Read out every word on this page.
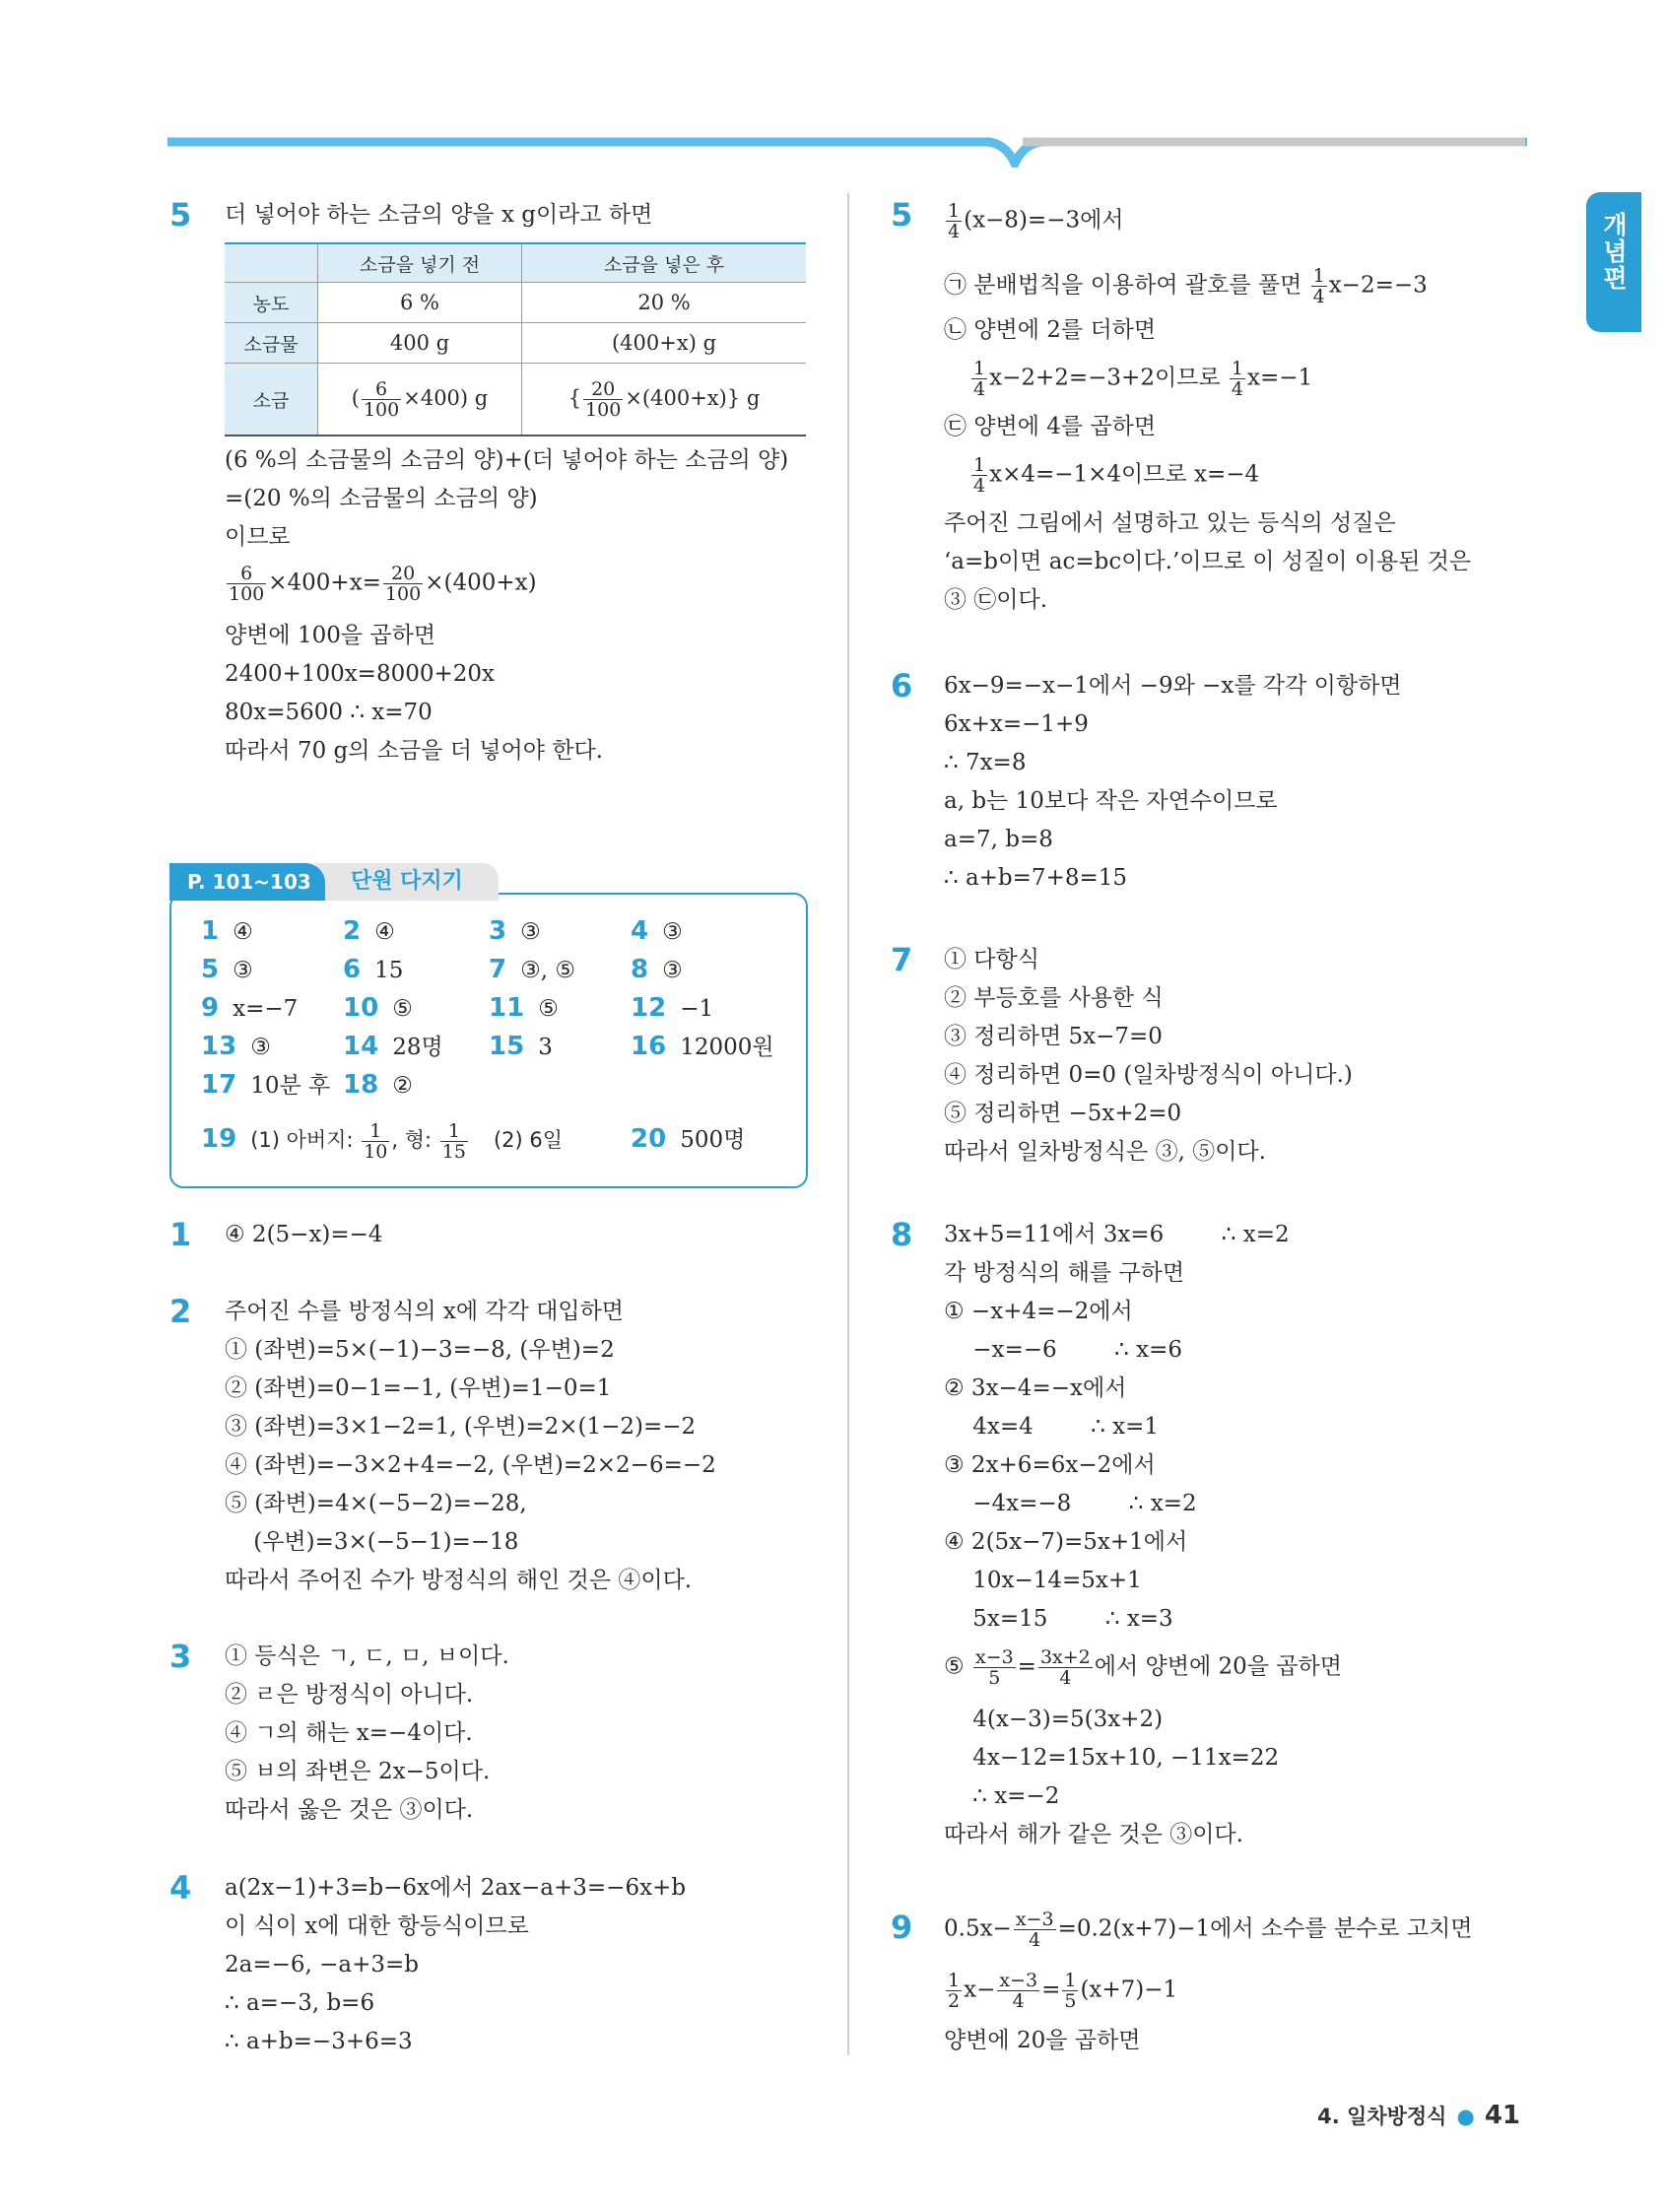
개념편
5 더 넣어야 하는 소금의 양을 x g이라고 하면
	소금을 넣기 전	소금을 넣은 후
농도	6 %	20 %
소금물	400 g	(400+x) g
소금	( $\frac{6}{100} \times 400$) g	{ $\frac{20}{100} \times(400+x)$} g
(6 %의 소금물의 소금의 양)+(더 넣어야 하는 소금의 양)
=(20 %의 소금물의 소금의 양)
이므로
$\frac{6}{100} \times 400+x= \frac{20}{100} \times(400+x)$
양변에 100을 곱하면
2400+100x=8000+20x
80x=5600 ∴ x=70
따라서 70 g의 소금을 더 넣어야 한다.
단원 다지기
P. 101~103
1 ④	2 ④	3 ③	4 ③
5 ③	6 15	7 ③, ⑤ 8 ③
9 x=−7 10 ⑤	11 ⑤	12 −1
13 ③	14 28명 15 3	16 12000원
17 10분 후 18 ②
19 (1) 아버지: $\frac{1}{10}$ , 형: $\frac{1}{15} (2)$ 6일	20 500명
1 ④ 2(5−x)=−4
2 주어진 수를 방정식의 x에 각각 대입하면
① (좌변)=5×(−1)−3=−8, (우변)=2
② (좌변)=0−1=−1, (우변)=1−0=1
③ (좌변)=3×1−2=1, (우변)=2×(1−2)=−2
④ (좌변)=−3×2+4=−2, (우변)=2×2−6=−2
⑤ (좌변)=4×(−5−2)=−28,
(우변)=3×(−5−1)=−18
따라서 주어진 수가 방정식의 해인 것은 ④이다.
3 ① 등식은 ㄱ, ㄷ, ㅁ, ㅂ이다.
② ㄹ은 방정식이 아니다.
④ ㄱ의 해는 x=−4이다.
⑤ ㅂ의 좌변은 2x−5이다.
따라서 옳은 것은 ③이다.
4 a(2x−1)+3=b−6x에서 2ax−a+3=−6x+b
이 식이 x에 대한 항등식이므로
2a=−6, −a+3=b
∴ a=−3, b=6
∴ a+b=−3+6=3
$5 \frac{1}{4} (x-8)=-3$에서
㉠ 분배법칙을 이용하여 괄호를 풀면 $\frac{1}{4} x-2=-3$
㉡ 양변에 2를 더하면
$\frac{1}{4} x-2+2=-3+2$이므로 $\frac{1}{4} x=-1$
㉢ 양변에 4를 곱하면
$\frac{1}{4} x\times 4=-1\times 4$이므로 x=−4
주어진 그림에서 설명하고 있는 등식의 성질은
‘a=b이면 ac=bc이다.’이므로 이 성질이 이용된 것은
③ ㉢이다.
6 6x−9=−x−1에서 −9와 −x를 각각 이항하면
6x+x=−1+9
∴ 7x=8
a, b는 10보다 작은 자연수이므로
a=7, b=8
∴ a+b=7+8=15
7 ① 다항식
② 부등호를 사용한 식
③ 정리하면 5x−7=0
④ 정리하면 0=0 (일차방정식이 아니다.)
⑤ 정리하면 −5x+2=0
따라서 일차방정식은 ③, ⑤이다.
8 3x+5=11에서 3x=6        ∴ x=2
각 방정식의 해를 구하면
① −x+4=−2에서
−x=−6        ∴ x=6
② 3x−4=−x에서
4x=4        ∴ x=1
③ 2x+6=6x−2에서
−4x=−8        ∴ x=2
④ 2(5x−7)=5x+1에서
10x−14=5x+1
5x=15        ∴ x=3
⑤ $\frac{x-3}{5} = \frac{3x+2}{4}$ 에서 양변에 20을 곱하면
4(x−3)=5(3x+2)
4x−12=15x+10, −11x=22
∴ x=−2
따라서 해가 같은 것은 ③이다.
9 $0.5x- \frac{x-3}{4} =0.2(x+7)-1$에서 소수를 분수로 고치면
$\frac{1}{2} x- \frac{x-3}{4} = \frac{1}{5} (x+7)-1$
양변에 20을 곱하면
4. 일차방정식 ● 41
